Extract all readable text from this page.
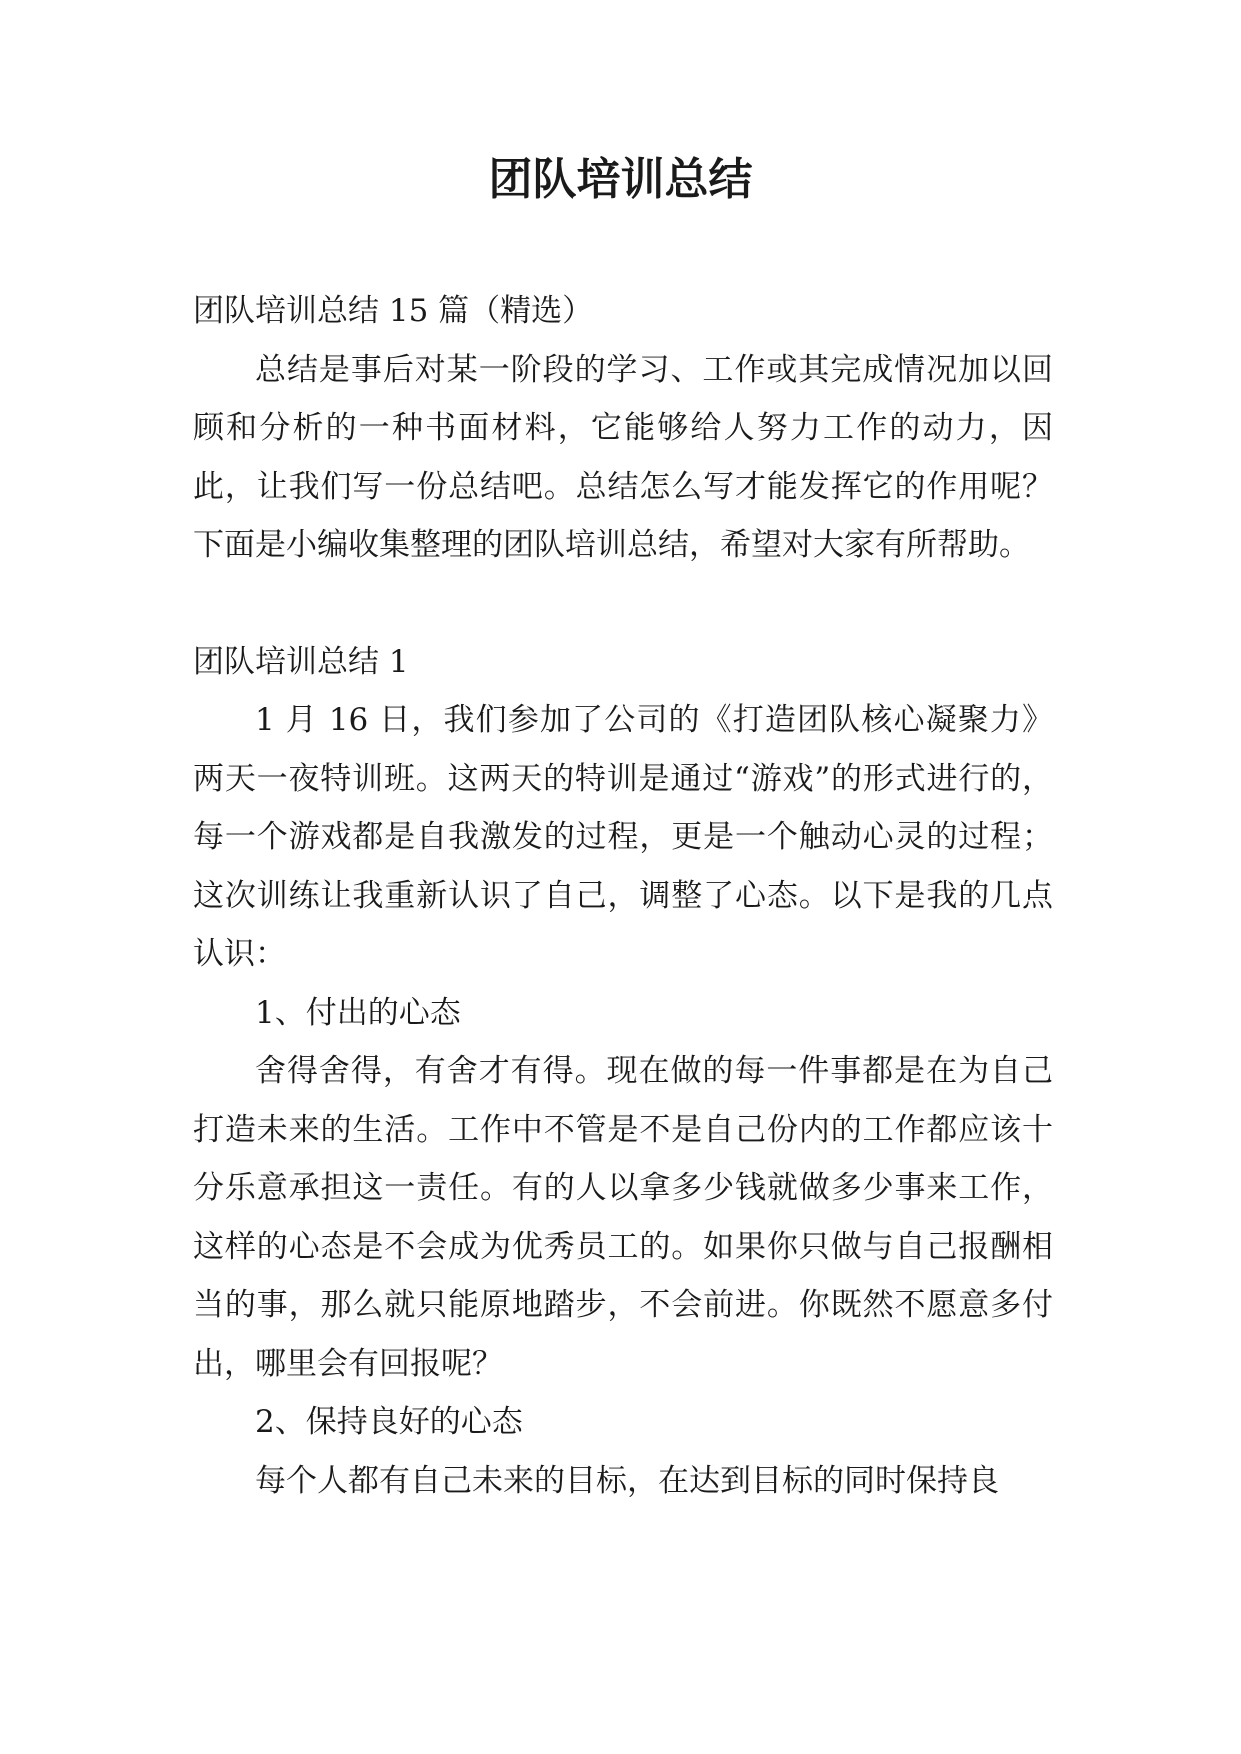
团队培训总结

团队培训总结 15 篇（精选）

总结是事后对某一阶段的学习、工作或其完成情况加以回顾和分析的一种书面材料，它能够给人努力工作的动力，因此，让我们写一份总结吧。总结怎么写才能发挥它的作用呢？下面是小编收集整理的团队培训总结，希望对大家有所帮助。

团队培训总结 1

1 月 16 日，我们参加了公司的《打造团队核心凝聚力》两天一夜特训班。这两天的特训是通过“游戏”的形式进行的，每一个游戏都是自我激发的过程，更是一个触动心灵的过程；这次训练让我重新认识了自己，调整了心态。以下是我的几点认识：

1、付出的心态

舍得舍得，有舍才有得。现在做的每一件事都是在为自己打造未来的生活。工作中不管是不是自己份内的工作都应该十分乐意承担这一责任。有的人以拿多少钱就做多少事来工作，这样的心态是不会成为优秀员工的。如果你只做与自己报酬相当的事，那么就只能原地踏步，不会前进。你既然不愿意多付出，哪里会有回报呢？

2、保持良好的心态

每个人都有自己未来的目标，在达到目标的同时保持良
